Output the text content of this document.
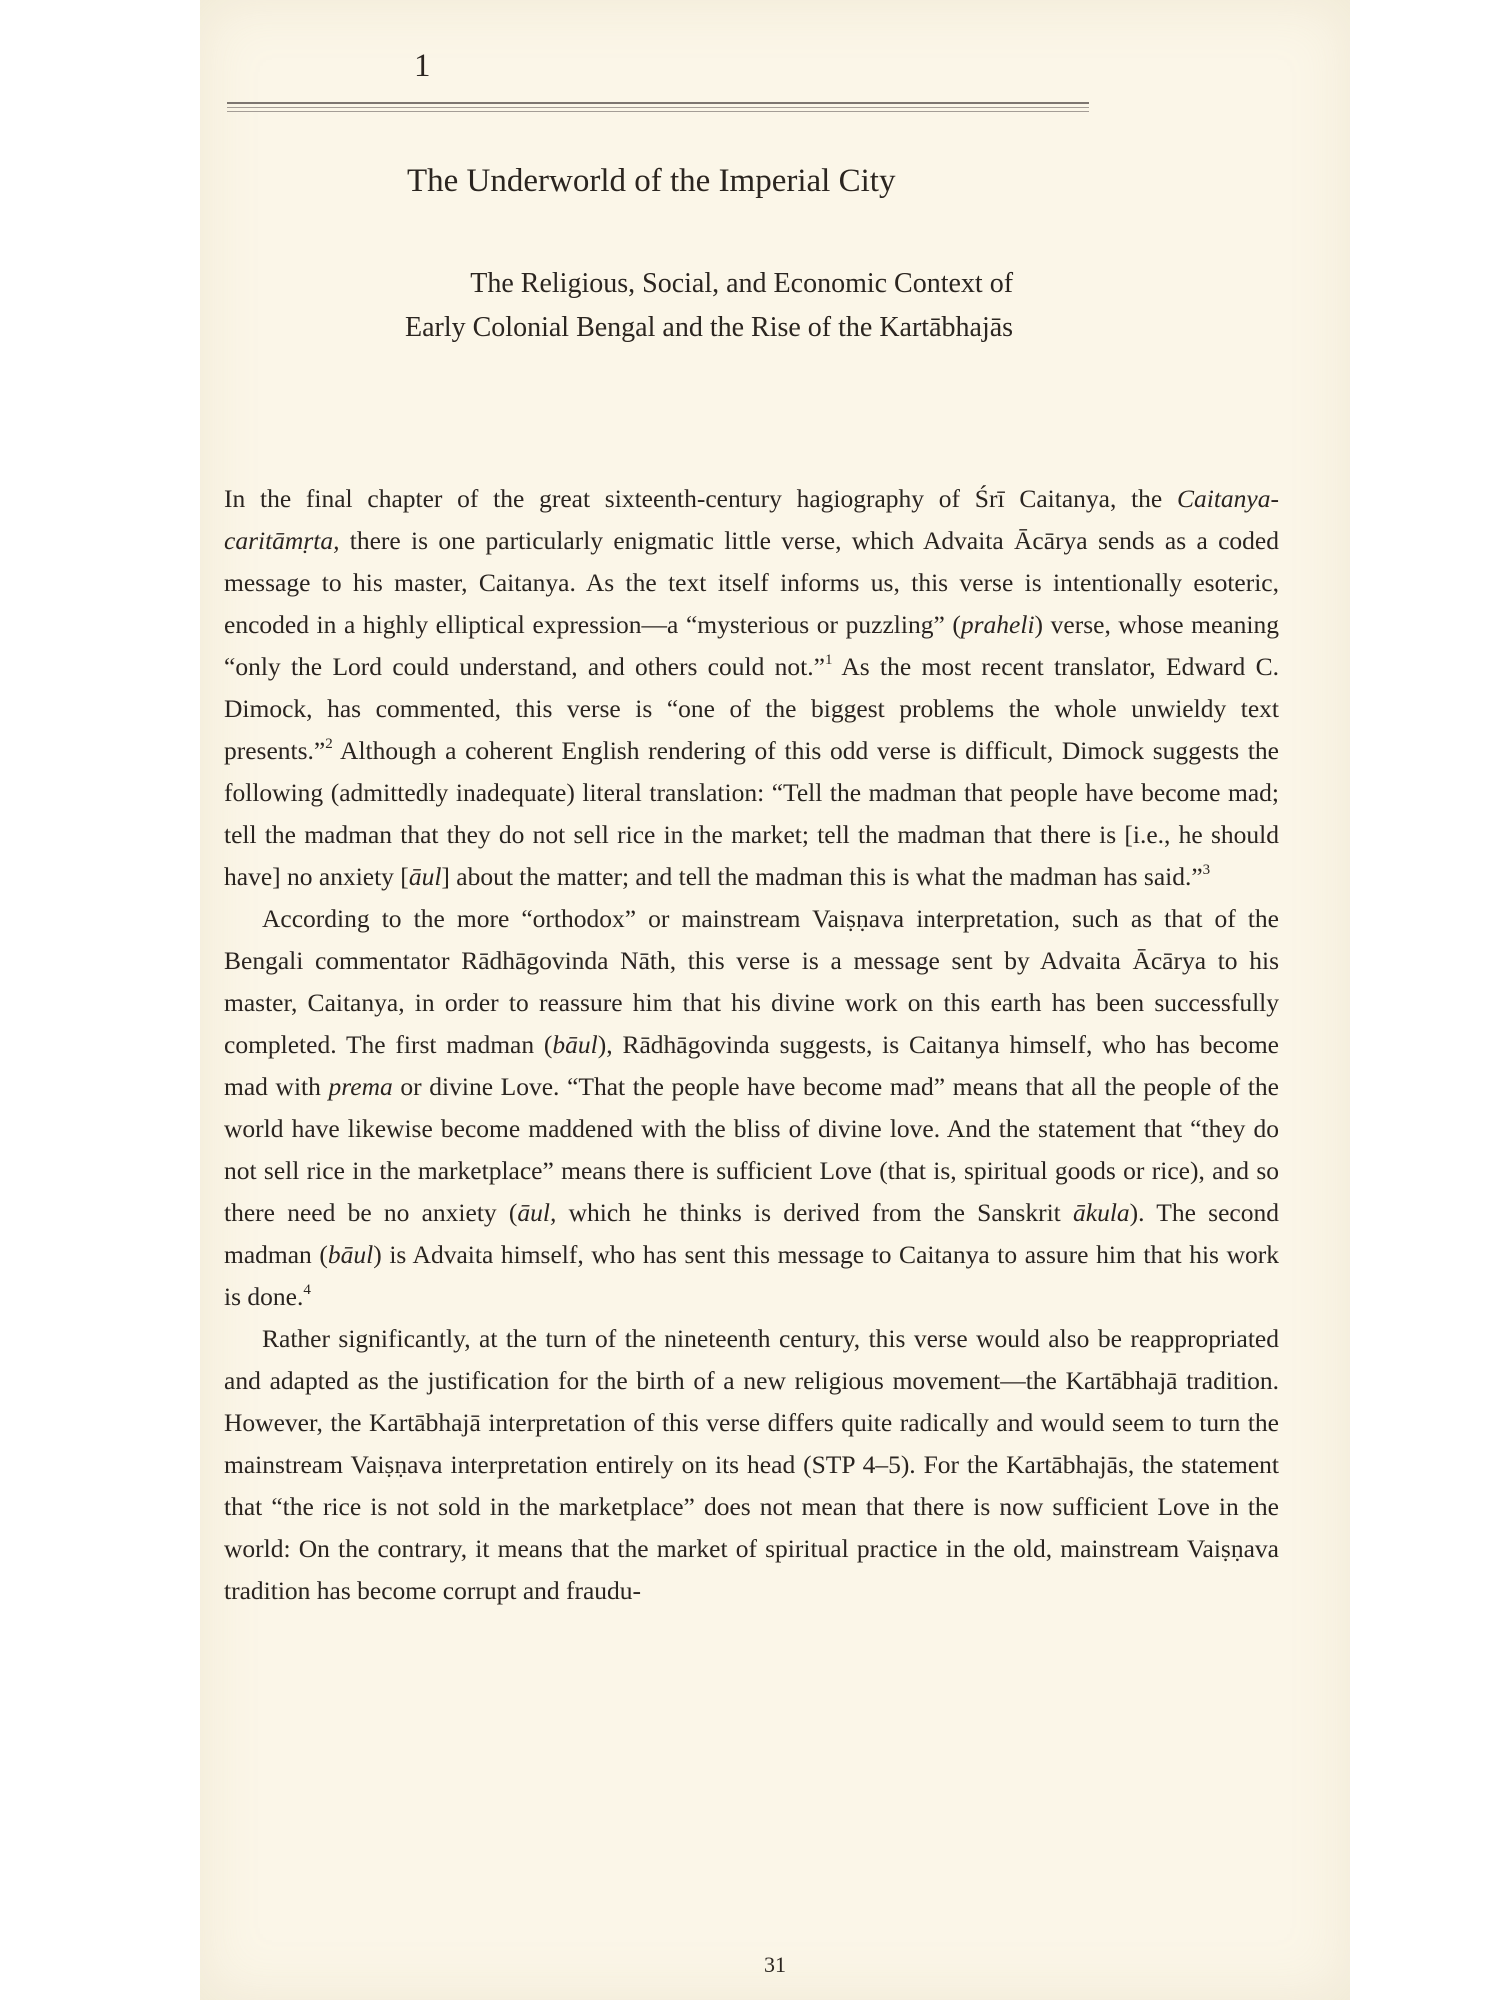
1
The Underworld of the Imperial City
The Religious, Social, and Economic Context of
Early Colonial Bengal and the Rise of the Kartābhajās

In the final chapter of the great sixteenth-century hagiography of Śrī Caitanya, the Caitanya-caritāmṛta, there is one particularly enigmatic little verse, which Advaita Ācārya sends as a coded message to his master, Caitanya. As the text itself informs us, this verse is intentionally esoteric, encoded in a highly elliptical expression—a “mysterious or puzzling” (praheli) verse, whose meaning “only the Lord could understand, and others could not.”$^1$ As the most recent translator, Edward C. Dimock, has commented, this verse is “one of the biggest problems the whole unwieldy text presents.”$^2$ Although a coherent English rendering of this odd verse is difficult, Dimock suggests the following (admittedly inadequate) literal translation: “Tell the madman that people have become mad; tell the madman that they do not sell rice in the market; tell the madman that there is [i.e., he should have] no anxiety [āul] about the matter; and tell the madman this is what the madman has said.”$^3$

According to the more “orthodox” or mainstream Vaiṣṇava interpretation, such as that of the Bengali commentator Rādhāgovinda Nāth, this verse is a message sent by Advaita Ācārya to his master, Caitanya, in order to reassure him that his divine work on this earth has been successfully completed. The first madman (bāul), Rādhāgovinda suggests, is Caitanya himself, who has become mad with prema or divine Love. “That the people have become mad” means that all the people of the world have likewise become maddened with the bliss of divine love. And the statement that “they do not sell rice in the marketplace” means there is sufficient Love (that is, spiritual goods or rice), and so there need be no anxiety (āul, which he thinks is derived from the Sanskrit ākula). The second madman (bāul) is Advaita himself, who has sent this message to Caitanya to assure him that his work is done.$^4$

Rather significantly, at the turn of the nineteenth century, this verse would also be reappropriated and adapted as the justification for the birth of a new religious movement—the Kartābhajā tradition. However, the Kartābhajā interpretation of this verse differs quite radically and would seem to turn the mainstream Vaiṣṇava interpretation entirely on its head (STP 4–5). For the Kartābhajās, the statement that “the rice is not sold in the marketplace” does not mean that there is now sufficient Love in the world: On the contrary, it means that the market of spiritual practice in the old, mainstream Vaiṣṇava tradition has become corrupt and fraudu-

31
